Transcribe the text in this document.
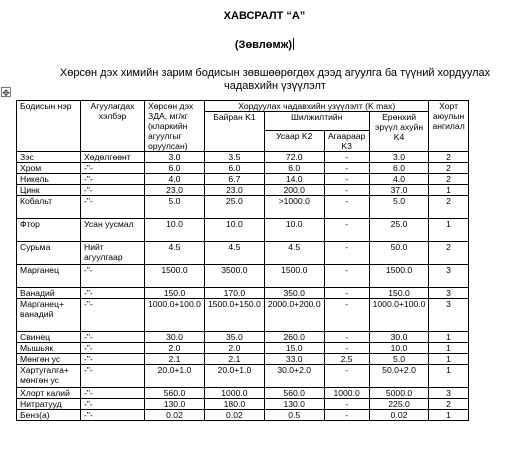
ХАВСРАЛТ “А”
(Зөвлөмж)
Хөрсөн дэх химийн зарим бодисын зөвшөөрөгдөх дээд агуулга ба түүний хордуулах чадавхийн үзүүлэлт
✥
Бодисын нэр	Агуулагдах хэлбэр	Хөрсөн дэх ЗДА, мг/кг (кларкийн агуулгыг оруулсан)	Хордуулах чадавхийн үзүүлэлт (K max)				Хорт аюулын ангилал
			Байран K1	Шилжилтийн		Ерөнхий эрүүл ахуйн K4	
				Усаар K2	Агаараар K3		
Зэс	Хөдөлгөөнт	3.0	3.5	72.0	-	3.0	2
Хром	-"-	6.0	6.0	6.0	-	6.0	2
Никель	-"-	4.0	6.7	14.0	-	4.0	2
Цинк	-"-	23.0	23.0	200.0	-	37.0	1
Кобальт	-"-	5.0	25.0	>1000.0	-	5.0	2
Фтор	Усан уусмал	10.0	10.0	10.0	-	25.0	1
Сурьма	Нийт агуулгаар	4.5	4.5	4.5	-	50.0	2
Марганец	-"-	1500.0	3500.0	1500.0	-	1500.0	3
Ванадий	-"-	150.0	170.0	350.0	-	150.0	3
Марганец+ ванадий	-"-	1000.0+100.0	1500.0+150.0	2000.0+200.0	-	1000.0+100.0	3
Свинец	-"-	30.0	35.0	260.0	-	30.0	1
Мышьяк	-"-	2.0	2.0	15.0	-	10.0	1
Мөнгөн ус	-"-	2.1	2.1	33.0	2.5	5.0	1
Хартугалга+ мөнгөн ус	-"-	20.0+1.0	20.0+1.0	30.0+2.0	-	50.0+2.0	1
Хлорт калий	-"-	560.0	1000.0	560.0	1000.0	5000.0	3
Нитратууд	-"-	130.0	180.0	130.0	-	225.0	2
Бенз(а)	-"-	0.02	0.02	0.5	-	0.02	1
